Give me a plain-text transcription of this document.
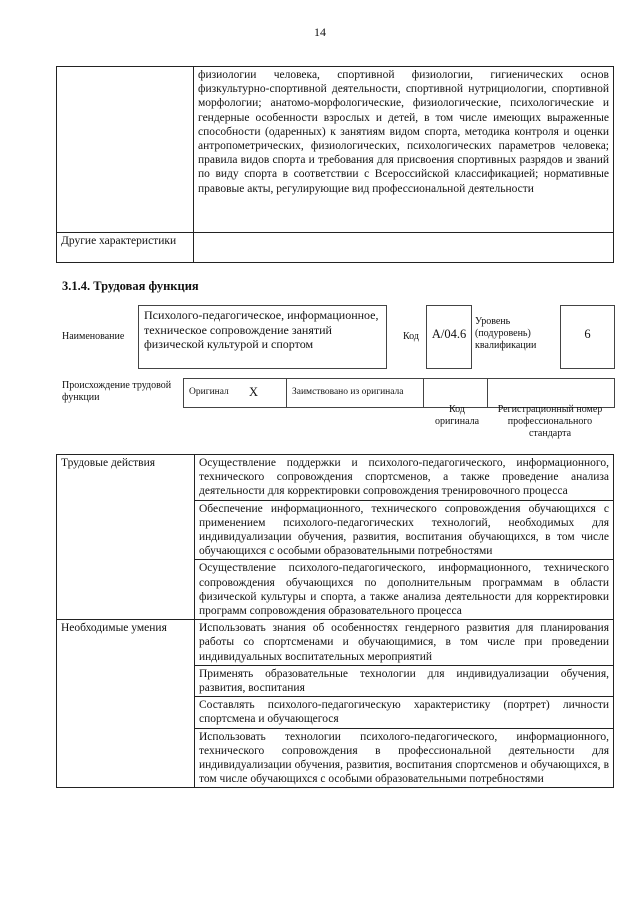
14
	физиологии человека, спортивной физиологии, гигиенических основ физкультурно-спортивной деятельности, спортивной нутрициологии, спортивной морфологии; анатомо-морфологические, физиологические, психологические и гендерные особенности взрослых и детей, в том числе имеющих выраженные способности (одаренных) к занятиям видом спорта, методика контроля и оценки антропометрических, физиологических, психологических параметров человека; правила видов спорта и требования для присвоения спортивных разрядов и званий по виду спорта в соответствии с Всероссийской классификацией; нормативные правовые акты, регулирующие вид профессиональной деятельности
Другие характеристики	
3.1.4. Трудовая функция
Наименование
Психолого-педагогическое, информационное, техническое сопровождение занятий физической культурой и спортом
Код	А/04.6
Уровень (подуровень) квалификации
6
Происхождение трудовой функции	Оригинал X	Заимствовано из оригинала
Код оригинала
Регистрационный номер профессионального стандарта
Трудовые действия	Осуществление поддержки и психолого-педагогического, информационного, технического сопровождения спортсменов, а также проведение анализа деятельности для корректировки сопровождения тренировочного процесса
	Обеспечение информационного, технического сопровождения обучающихся с применением психолого-педагогических технологий, необходимых для индивидуализации обучения, развития, воспитания обучающихся, в том числе обучающихся с особыми образовательными потребностями
	Осуществление психолого-педагогического, информационного, технического сопровождения обучающихся по дополнительным программам в области физической культуры и спорта, а также анализа деятельности для корректировки программ сопровождения образовательного процесса
Необходимые умения	Использовать знания об особенностях гендерного развития для планирования работы со спортсменами и обучающимися, в том числе при проведении индивидуальных воспитательных мероприятий
	Применять образовательные технологии для индивидуализации обучения, развития, воспитания
	Составлять психолого-педагогическую характеристику (портрет) личности спортсмена и обучающегося
	Использовать технологии психолого-педагогического, информационного, технического сопровождения в профессиональной деятельности для индивидуализации обучения, развития, воспитания спортсменов и обучающихся, в том числе обучающихся с особыми образовательными потребностями
